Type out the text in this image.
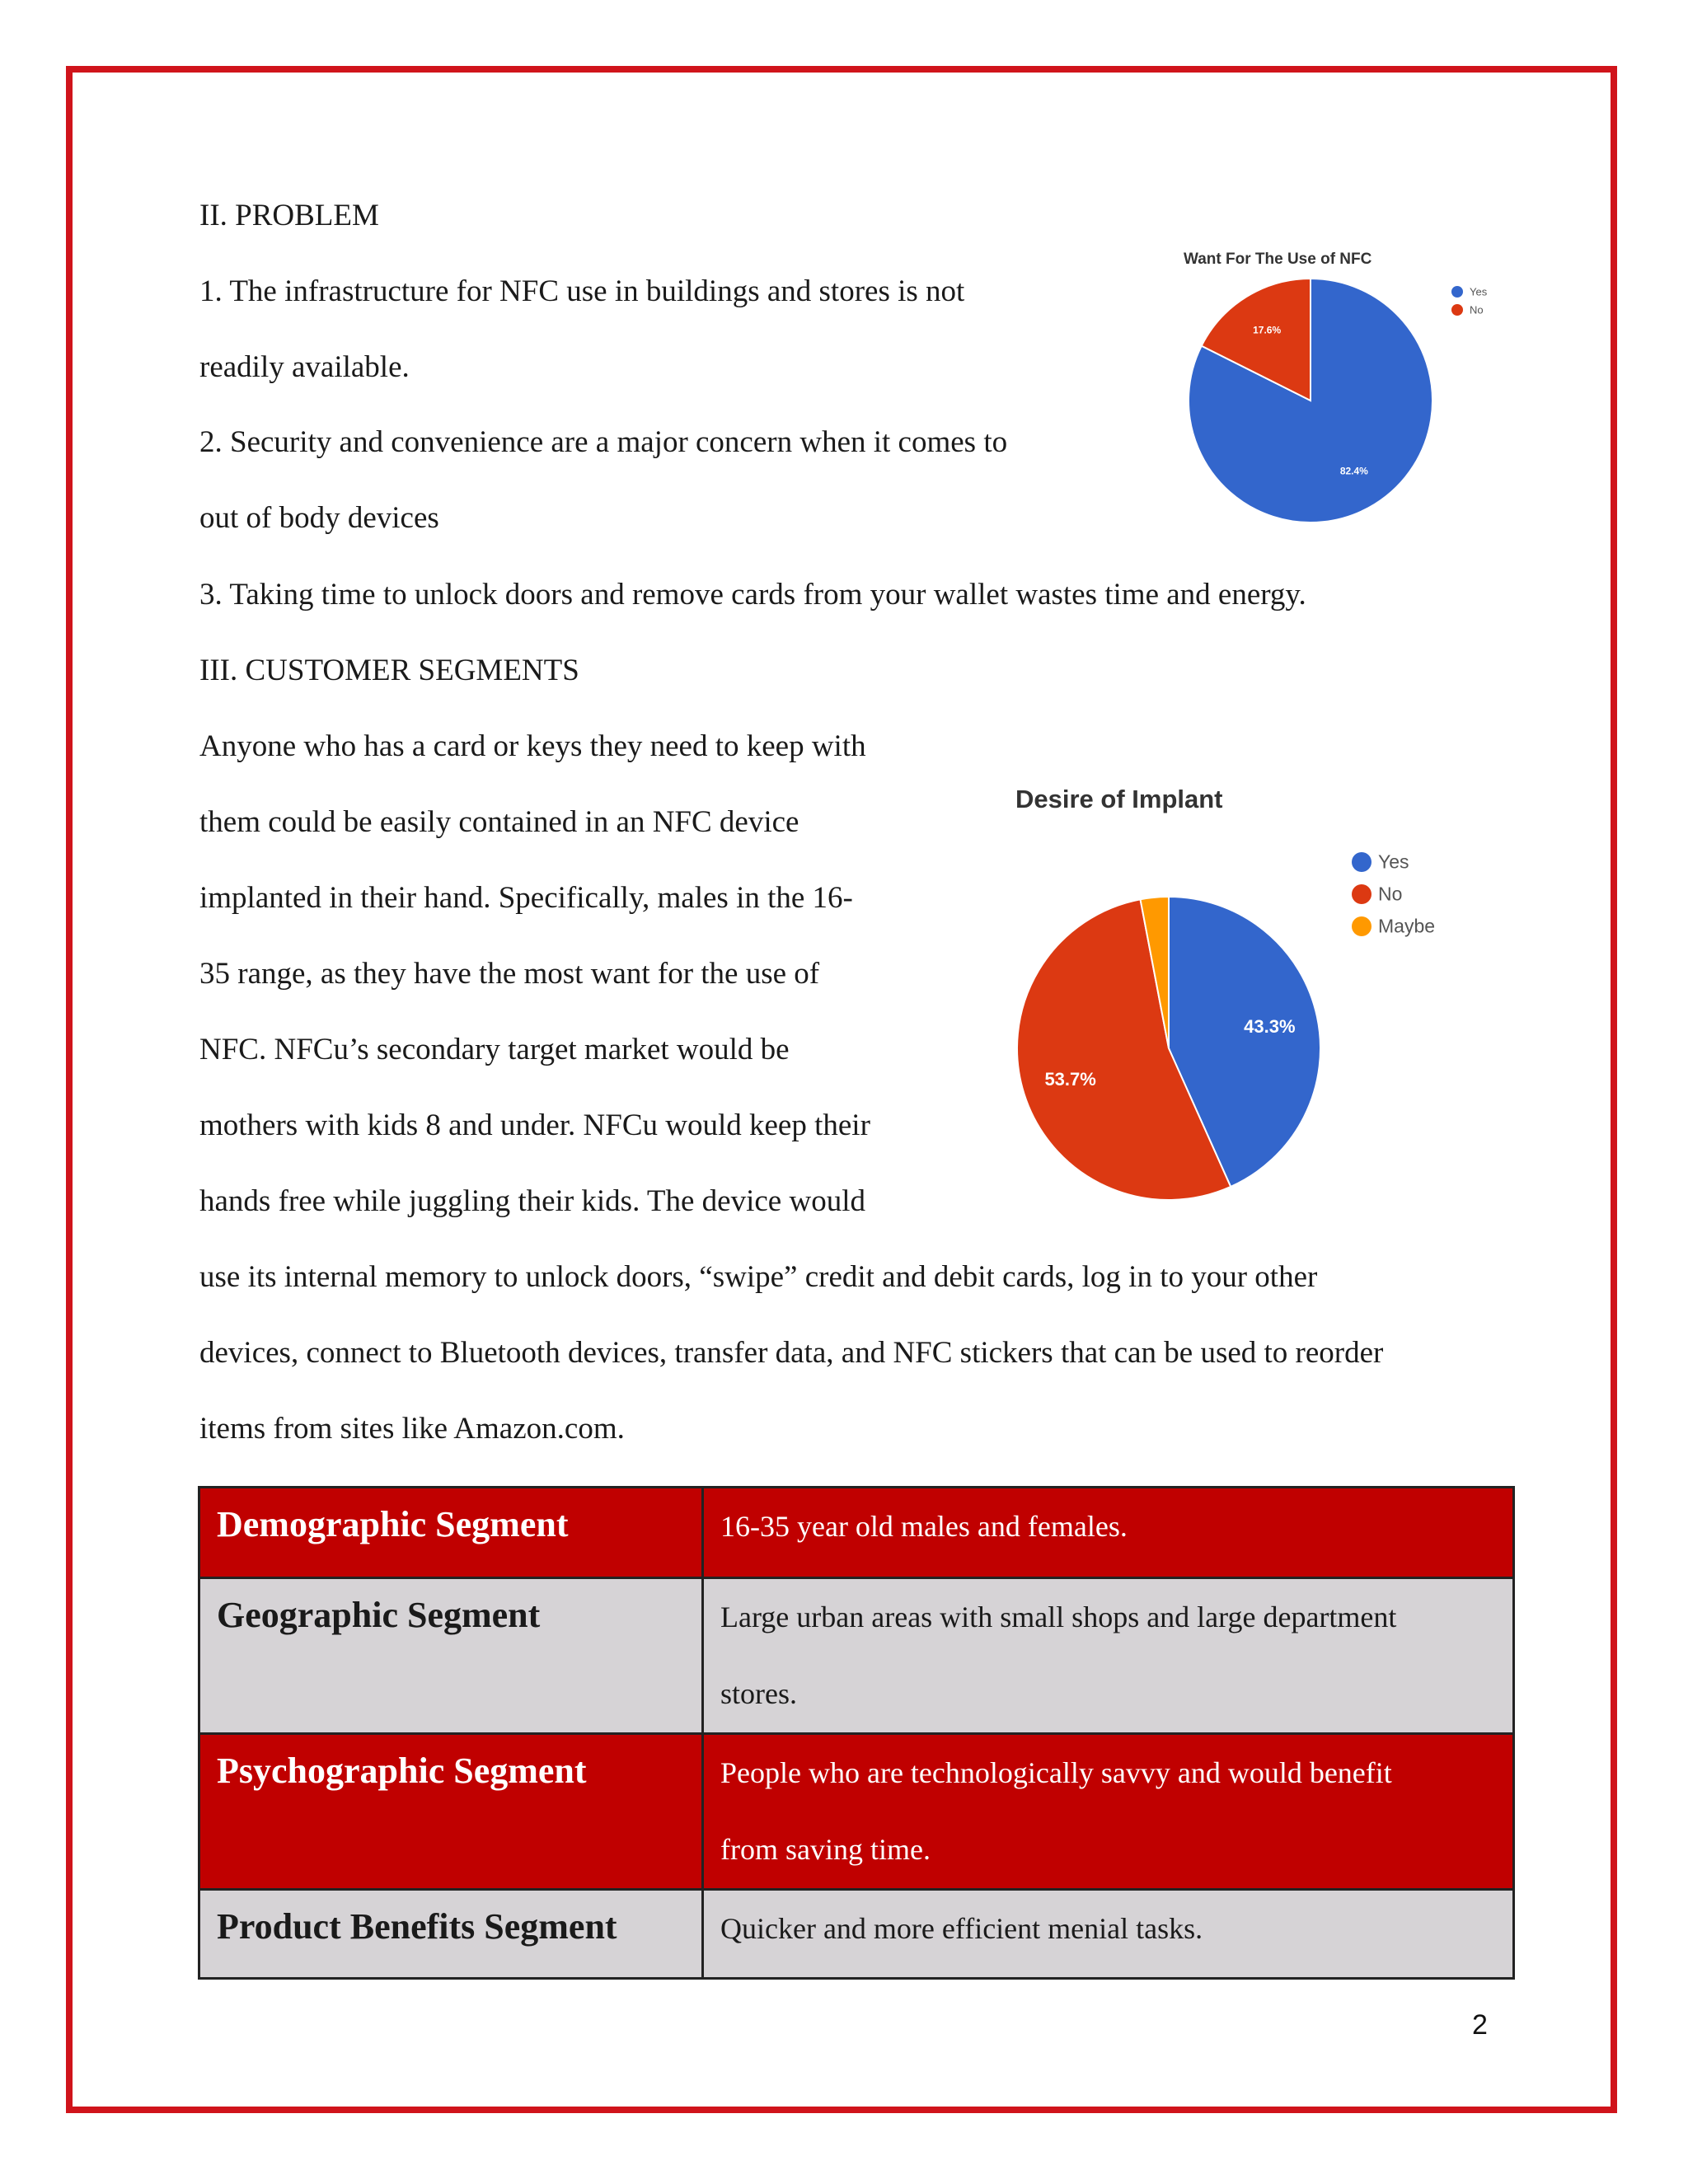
II. PROBLEM
1. The infrastructure for NFC use in buildings and stores is not
readily available.
2. Security and convenience are a major concern when it comes to
out of body devices
3. Taking time to unlock doors and remove cards from your wallet wastes time and energy.
III. CUSTOMER SEGMENTS
Anyone who has a card or keys they need to keep with
them could be easily contained in an NFC device
implanted in their hand. Specifically, males in the 16-
35 range, as they have the most want for the use of
NFC. NFCu’s secondary target market would be
mothers with kids 8 and under. NFCu would keep their
hands free while juggling their kids. The device would
use its internal memory to unlock doors, “swipe” credit and debit cards, log in to your other
devices, connect to Bluetooth devices, transfer data, and NFC stickers that can be used to reorder
items from sites like Amazon.com.
Want For The Use of NFC
82.4%
17.6%
Yes
No
Desire of Implant
43.3%
53.7%
Yes
No
Maybe
Demographic Segment	16-35 year old males and females.

Geographic Segment	Large urban areas with small shops and large department
stores.

Psychographic Segment	People who are technologically savvy and would benefit
from saving time.

Product Benefits Segment	Quicker and more efficient menial tasks.
2
